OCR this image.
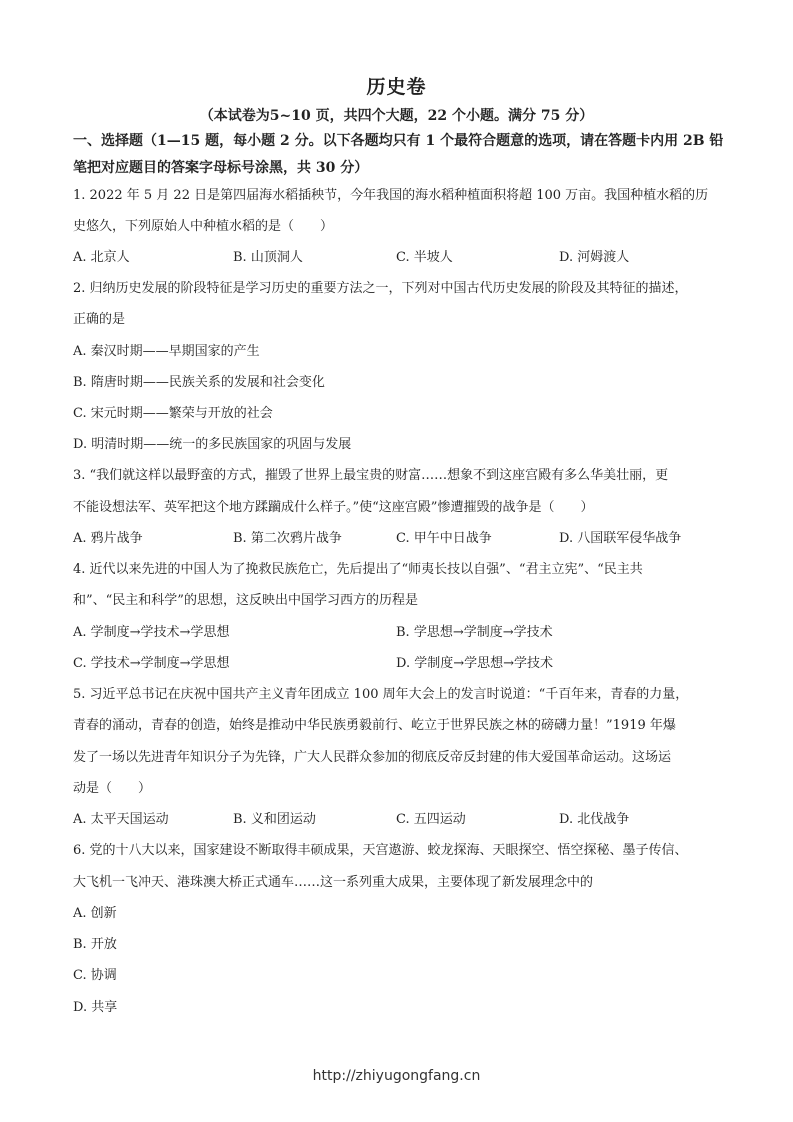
历史卷
（本试卷为5~10 页，共四个大题，22 个小题。满分 75 分）
一、选择题（1—15 题，每小题 2 分。以下各题均只有 1 个最符合题意的选项，请在答题卡内用 2B 铅笔把对应题目的答案字母标号涂黑，共 30 分）
1. 2022 年 5 月 22 日是第四届海水稻插秧节，今年我国的海水稻种植面积将超 100 万亩。我国种植水稻的历
史悠久，下列原始人中种植水稻的是（　　）
A. 北京人	B. 山顶洞人	C. 半坡人	D. 河姆渡人
2. 归纳历史发展的阶段特征是学习历史的重要方法之一，下列对中国古代历史发展的阶段及其特征的描述，
正确的是
A. 秦汉时期——早期国家的产生
B. 隋唐时期——民族关系的发展和社会变化
C. 宋元时期——繁荣与开放的社会
D. 明清时期——统一的多民族国家的巩固与发展
3. “我们就这样以最野蛮的方式，摧毁了世界上最宝贵的财富……想象不到这座宫殿有多么华美壮丽，更
不能设想法军、英军把这个地方蹂躏成什么样子。”使“这座宫殿”惨遭摧毁的战争是（　　）
A. 鸦片战争	B. 第二次鸦片战争	C. 甲午中日战争	D. 八国联军侵华战争
4. 近代以来先进的中国人为了挽救民族危亡，先后提出了“师夷长技以自强”、“君主立宪”、“民主共
和”、“民主和科学”的思想，这反映出中国学习西方的历程是
A. 学制度→学技术→学思想	B. 学思想→学制度→学技术
C. 学技术→学制度→学思想	D. 学制度→学思想→学技术
5. 习近平总书记在庆祝中国共产主义青年团成立 100 周年大会上的发言时说道：“千百年来，青春的力量，
青春的涌动，青春的创造，始终是推动中华民族勇毅前行、屹立于世界民族之林的磅礴力量！”1919 年爆
发了一场以先进青年知识分子为先锋，广大人民群众参加的彻底反帝反封建的伟大爱国革命运动。这场运
动是（　　）
A. 太平天国运动	B. 义和团运动	C. 五四运动	D. 北伐战争
6. 党的十八大以来，国家建设不断取得丰硕成果，天宫遨游、蛟龙探海、天眼探空、悟空探秘、墨子传信、
大飞机一飞冲天、港珠澳大桥正式通车……这一系列重大成果，主要体现了新发展理念中的
A. 创新
B. 开放
C. 协调
D. 共享
http://zhiyugongfang.cn
